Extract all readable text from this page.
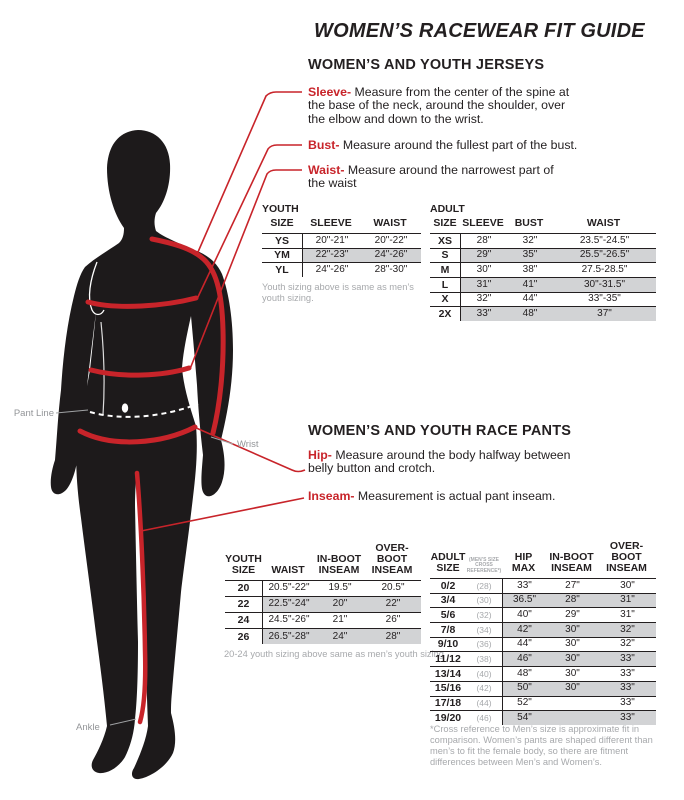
Pant Line
Wrist
Ankle
WOMEN’S RACEWEAR FIT GUIDE
WOMEN’S AND YOUTH JERSEYS
Sleeve- Measure from the center of the spine at the base of the neck, around the shoulder, over the elbow and down to the wrist.
Bust- Measure around the fullest part of the bust.
Waist- Measure around the narrowest part of the waist
YOUTH
SIZE	SLEEVE	WAIST
YS	20"-21"	20"-22"
YM	22"-23"	24"-26"
YL	24"-26"	28"-30"
Youth sizing above is same as men’s youth sizing.
ADULT
SIZE SLEEVE	BUST	WAIST
XS	28"	32"	23.5"-24.5"
S	29"	35"	25.5"-26.5"
M	30"	38"	27.5-28.5"
L	31"	41"	30"-31.5"
X	32"	44"	33"-35"
2X	33"	48"	37"
WOMEN’S AND YOUTH RACE PANTS
Hip- Measure around the body halfway between belly button and crotch.
Inseam- Measurement is actual pant inseam.
YOUTH
SIZE	WAIST
IN-BOOT
INSEAM
OVER-BOOT
INSEAM
20	20.5"-22"	19.5"	20.5"
22	22.5"-24"	20"	22"
24	24.5"-26"	21"	26"
26	26.5"-28"	24"	28"
20-24 youth sizing above same as men’s youth sizing
ADULT
SIZE
(MEN’S SIZE
CROSS
REFERENCE*)
HIP
MAX
IN-BOOT
INSEAM
OVER-BOOT
INSEAM
0/2	(28)	33"	27"	30"
3/4	(30)	36.5"	28"	31"
5/6	(32)	40"	29"	31"
7/8	(34)	42"	30"	32"
9/10	(36)	44"	30"	32"
11/12	(38)	46"	30"	33"
13/14	(40)	48"	30"	33"
15/16	(42)	50"	30"	33"
17/18	(44)	52"	33"
19/20	(46)	54"	33"
*Cross reference to Men’s size is approximate fit in comparison. Women’s pants are shaped different than men’s to fit the female body, so there are fitment differences between Men’s and Women’s.
